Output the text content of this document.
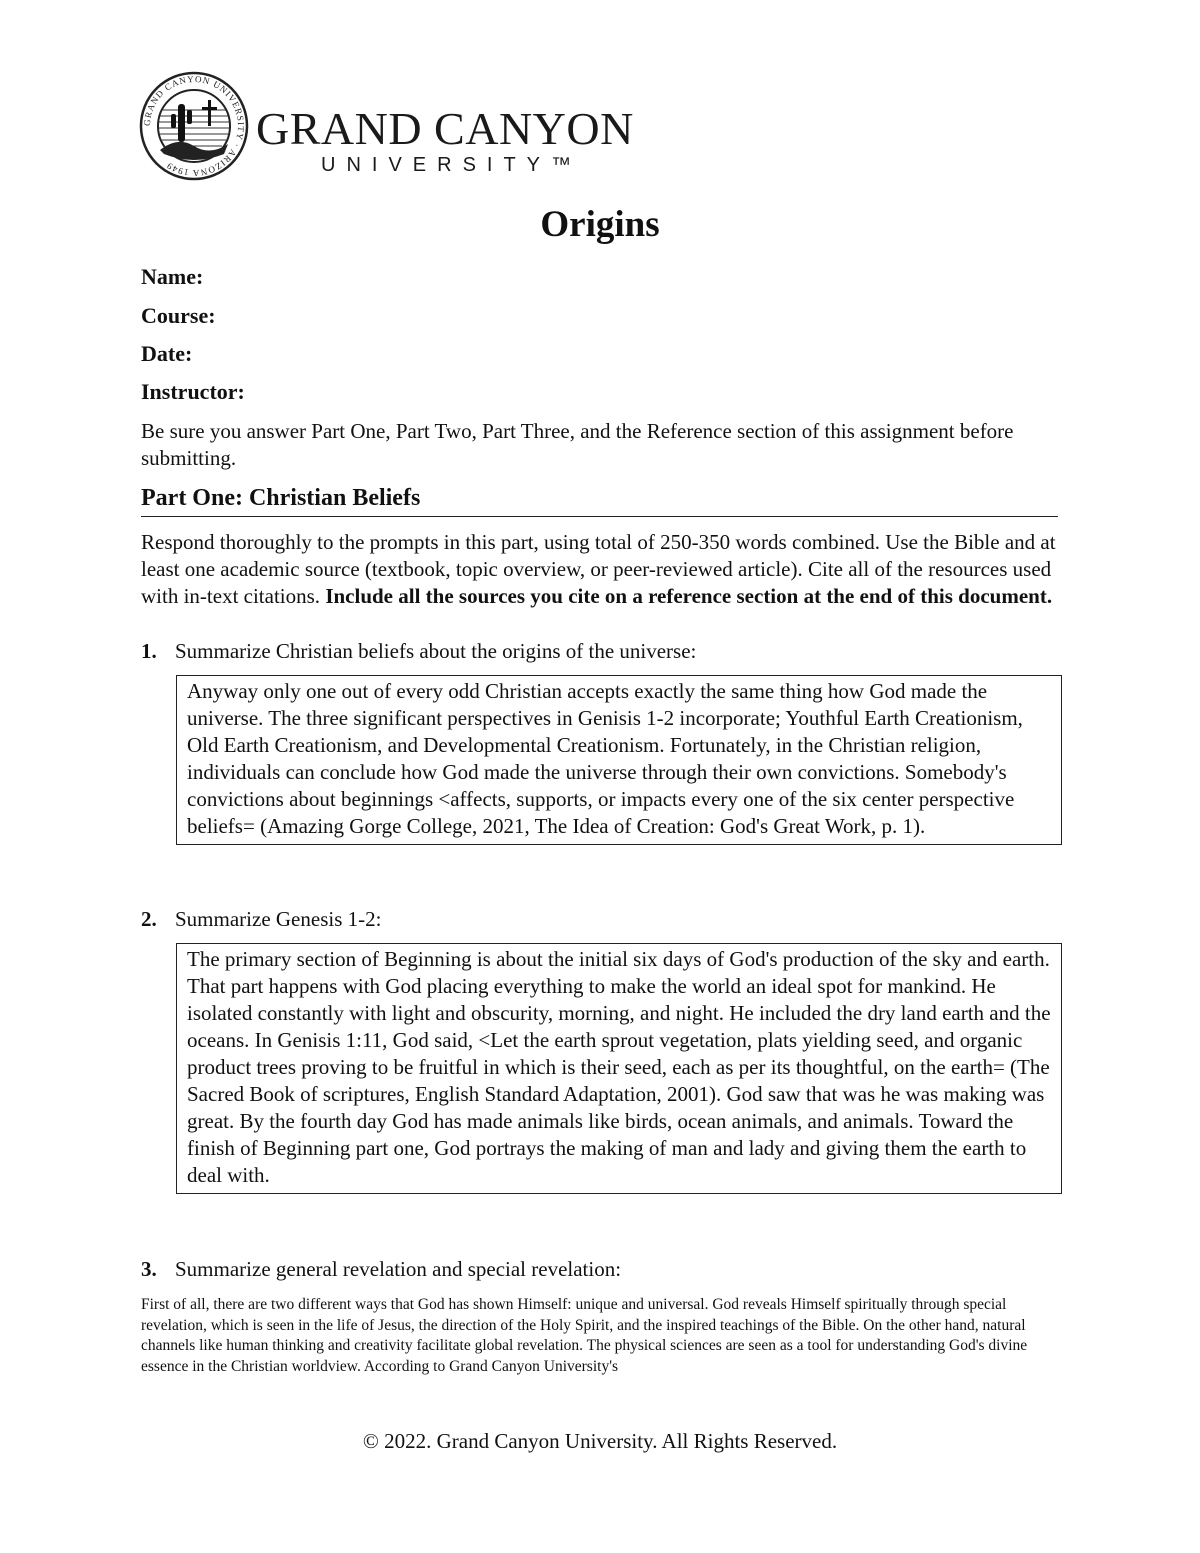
GRAND CANYON UNIVERSITY · ARIZONA 1949
GRAND CANYON
UNIVERSITY™
Origins
Name:
Course:
Date:
Instructor:
Be sure you answer Part One, Part Two, Part Three, and the Reference section of this assignment before submitting.
Part One: Christian Beliefs
Respond thoroughly to the prompts in this part, using total of 250-350 words combined. Use the Bible and at least one academic source (textbook, topic overview, or peer-reviewed article). Cite all of the resources used with in-text citations. Include all the sources you cite on a reference section at the end of this document.
1. Summarize Christian beliefs about the origins of the universe:
Anyway only one out of every odd Christian accepts exactly the same thing how God made the universe. The three significant perspectives in Genisis 1-2 incorporate; Youthful Earth Creationism, Old Earth Creationism, and Developmental Creationism. Fortunately, in the Christian religion, individuals can conclude how God made the universe through their own convictions. Somebody's convictions about beginnings <affects, supports, or impacts every one of the six center perspective beliefs= (Amazing Gorge College, 2021, The Idea of Creation: God's Great Work, p. 1).
2. Summarize Genesis 1-2:
The primary section of Beginning is about the initial six days of God's production of the sky and earth. That part happens with God placing everything to make the world an ideal spot for mankind. He isolated constantly with light and obscurity, morning, and night. He included the dry land earth and the oceans. In Genisis 1:11, God said, <Let the earth sprout vegetation, plats yielding seed, and organic product trees proving to be fruitful in which is their seed, each as per its thoughtful, on the earth= (The Sacred Book of scriptures, English Standard Adaptation, 2001). God saw that was he was making was great. By the fourth day God has made animals like birds, ocean animals, and animals. Toward the finish of Beginning part one, God portrays the making of man and lady and giving them the earth to deal with.
3. Summarize general revelation and special revelation:
First of all, there are two different ways that God has shown Himself: unique and universal. God reveals Himself spiritually through special revelation, which is seen in the life of Jesus, the direction of the Holy Spirit, and the inspired teachings of the Bible. On the other hand, natural channels like human thinking and creativity facilitate global revelation. The physical sciences are seen as a tool for understanding God's divine essence in the Christian worldview. According to Grand Canyon University's
© 2022. Grand Canyon University. All Rights Reserved.
